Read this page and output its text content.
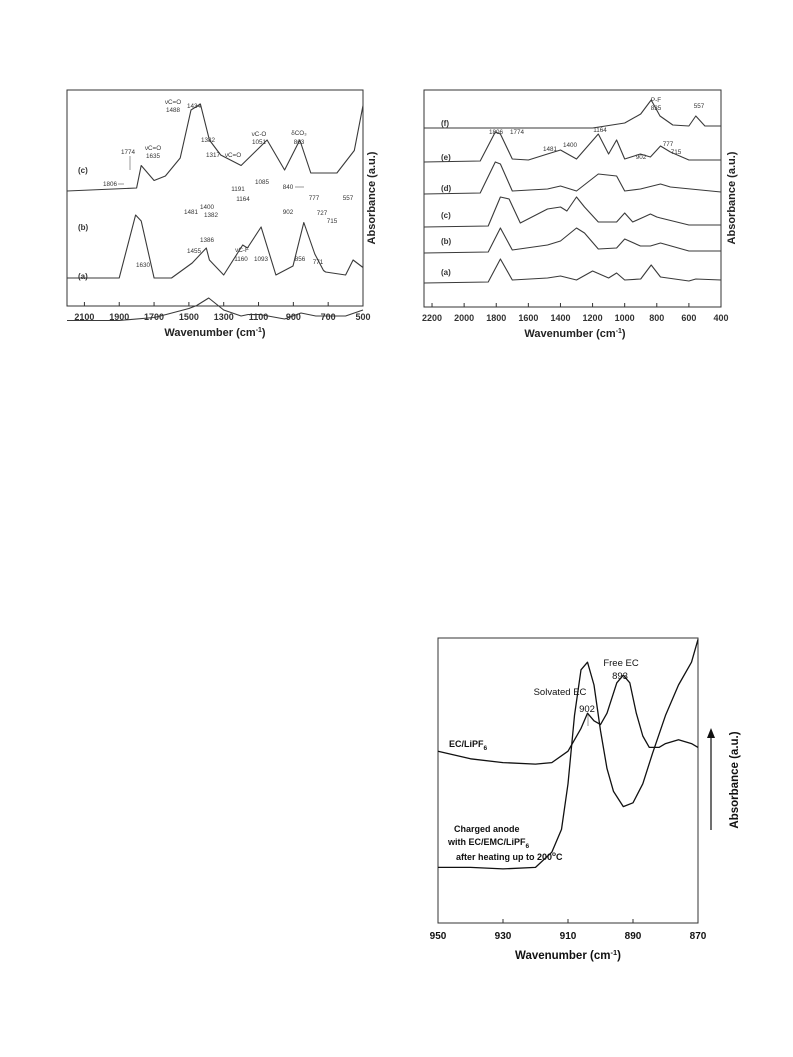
2100 1900 1700 1500 1300 1100 900 700 500
(c)
(b)
(a)
1774
νC=O
1635
νC=O
1488
1434
1382
1317 νC=O
νC-O
1051
δCO₃
863
1806
1481
1400
1382
1191
1164
1085
840
902
777
727
715
557
1630
1455
1386
νC-F
1160 1093	856 771
Wavenumber $(cm^{-1})$
Absorbance (a.u.)
2200 2000 1800 1600 1400 1200 1000 800 600 400
(f)
(e)
(d)
(c)
(b)
(a)
P-F
835	557
1806 1774
1481
1400
1164
902
777
715
Wavenumber $(cm^{-1})$
Absorbance (a.u.)
950	930	910	890	870
Free EC
893
Solvated EC
902
EC/LiPF$_6$
Charged anode
with EC/EMC/LiPF$_6$
after heating up to 200$^o$C
Wavenumber $(cm^{-1})$
Absorbance (a.u.)
